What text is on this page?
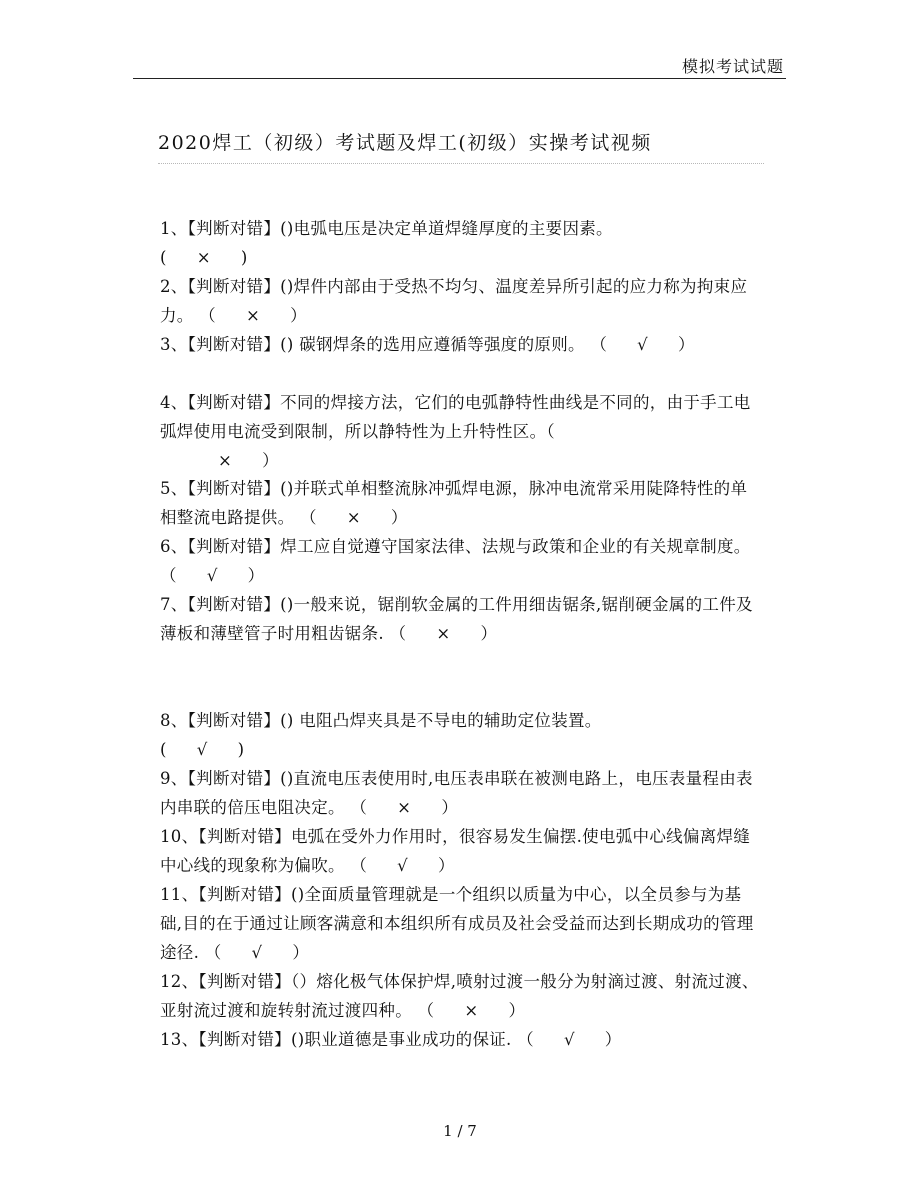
模拟考试试题
2020焊工（初级）考试题及焊工(初级）实操考试视频

1、【判断对错】()电弧电压是决定单道焊缝厚度的主要因素。
( × )

2、【判断对错】()焊件内部由于受热不均匀、温度差异所引起的应力称为拘束应力。 （ × ）

3、【判断对错】() 碳钢焊条的选用应遵循等强度的原则。 （ √ ）

4、【判断对错】不同的焊接方法，它们的电弧静特性曲线是不同的，由于手工电弧焊使用电流受到限制，所以静特性为上升特性区。（
× ）

5、【判断对错】()并联式单相整流脉冲弧焊电源，脉冲电流常采用陡降特性的单相整流电路提供。 （ × ）

6、【判断对错】焊工应自觉遵守国家法律、法规与政策和企业的有关规章制度。 （ √ ）

7、【判断对错】()一般来说，锯削软金属的工件用细齿锯条,锯削硬金属的工件及薄板和薄壁管子时用粗齿锯条. （ × ）

8、【判断对错】() 电阻凸焊夹具是不导电的辅助定位装置。
( √ )

9、【判断对错】()直流电压表使用时,电压表串联在被测电路上，电压表量程由表内串联的倍压电阻决定。 （ × ）

10、【判断对错】电弧在受外力作用时，很容易发生偏摆.使电弧中心线偏离焊缝中心线的现象称为偏吹。 （ √ ）

11、【判断对错】()全面质量管理就是一个组织以质量为中心，以全员参与为基础,目的在于通过让顾客满意和本组织所有成员及社会受益而达到长期成功的管理途径. （ √ ）

12、【判断对错】（）熔化极气体保护焊,喷射过渡一般分为射滴过渡、射流过渡、亚射流过渡和旋转射流过渡四种。 （ × ）

13、【判断对错】()职业道德是事业成功的保证. （ √ ）

1 / 7
